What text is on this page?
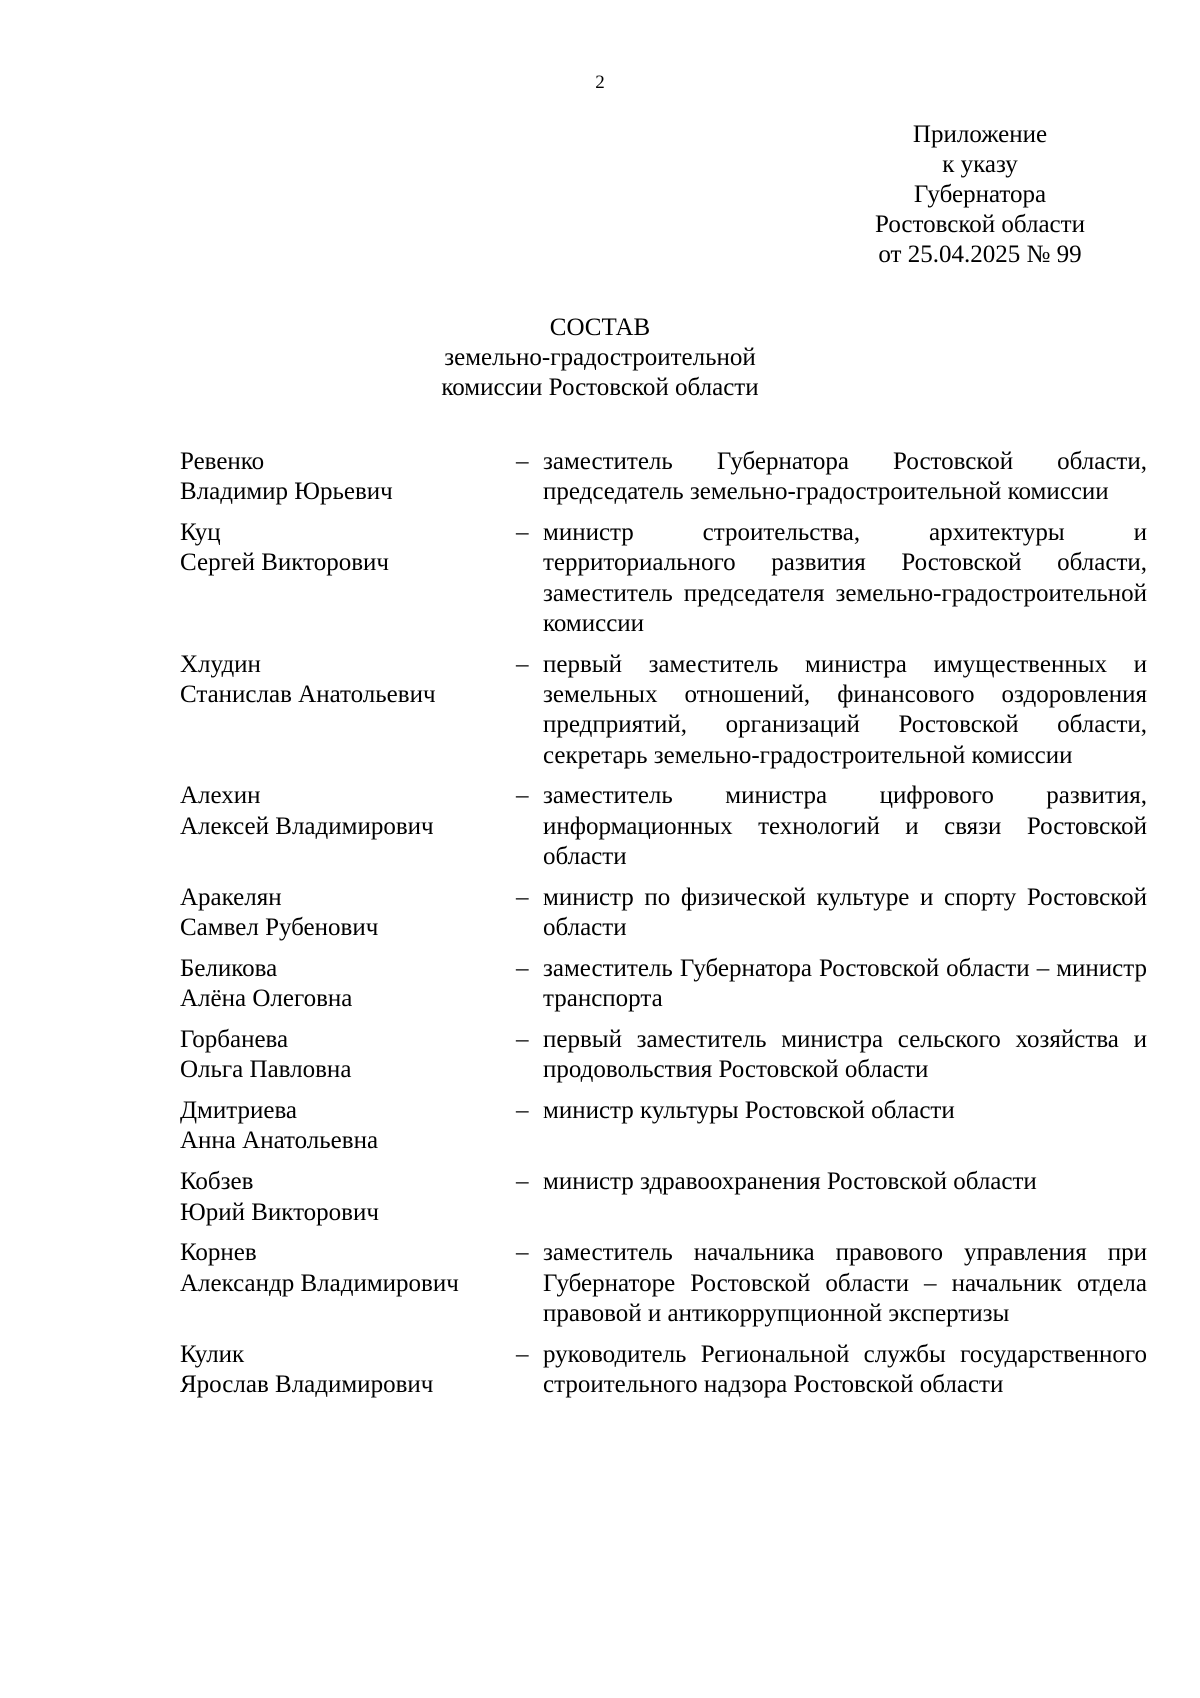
2
Приложение
к указу
Губернатора
Ростовской области
от 25.04.2025 № 99
СОСТАВ
земельно-градостроительной
комиссии Ростовской области
Ревенко
Владимир Юрьевич
– заместитель Губернатора Ростовской области, председатель земельно-градостроительной комиссии
Куц
Сергей Викторович
– министр строительства, архитектуры и территориального развития Ростовской области, заместитель председателя земельно-градостроительной комиссии
Хлудин
Станислав Анатольевич
– первый заместитель министра имущественных и земельных отношений, финансового оздоровления предприятий, организаций Ростовской области, секретарь земельно-градостроительной комиссии
Алехин
Алексей Владимирович
– заместитель министра цифрового развития, информационных технологий и связи Ростовской области
Аракелян
Самвел Рубенович
– министр по физической культуре и спорту Ростовской области
Беликова
Алёна Олеговна
– заместитель Губернатора Ростовской области – министр транспорта
Горбанева
Ольга Павловна
– первый заместитель министра сельского хозяйства и продовольствия Ростовской области
Дмитриева
Анна Анатольевна
– министр культуры Ростовской области
Кобзев
Юрий Викторович
– министр здравоохранения Ростовской области
Корнев
Александр Владимирович
– заместитель начальника правового управления при Губернаторе Ростовской области – начальник отдела правовой и антикоррупционной экспертизы
Кулик
Ярослав Владимирович
– руководитель Региональной службы государственного строительного надзора Ростовской области
